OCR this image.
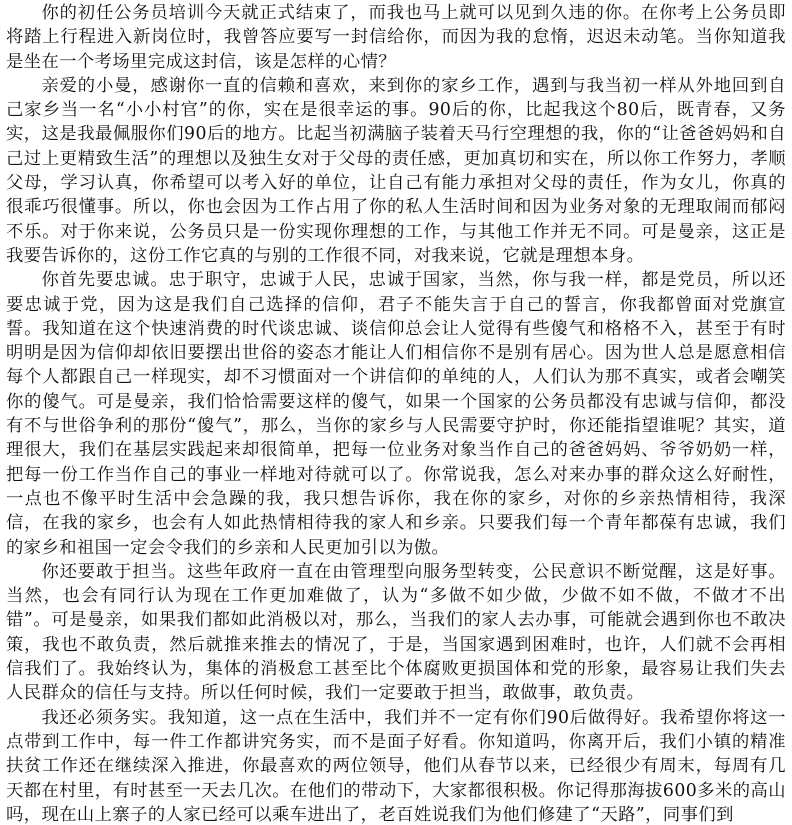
你的初任公务员培训今天就正式结束了，而我也马上就可以见到久违的你。在你考上公务员即将踏上行程进入新岗位时，我曾答应要写一封信给你，而因为我的怠惰，迟迟未动笔。当你知道我是坐在一个考场里完成这封信，该是怎样的心情？

亲爱的小曼，感谢你一直的信赖和喜欢，来到你的家乡工作，遇到与我当初一样从外地回到自己家乡当一名“小小村官”的你，实在是很幸运的事。90后的你，比起我这个80后，既青春，又务实，这是我最佩服你们90后的地方。比起当初满脑子装着天马行空理想的我，你的“让爸爸妈妈和自己过上更精致生活”的理想以及独生女对于父母的责任感，更加真切和实在，所以你工作努力，孝顺父母，学习认真，你希望可以考入好的单位，让自己有能力承担对父母的责任，作为女儿，你真的很乖巧很懂事。所以，你也会因为工作占用了你的私人生活时间和因为业务对象的无理取闹而郁闷不乐。对于你来说，公务员只是一份实现你理想的工作，与其他工作并无不同。可是曼亲，这正是我要告诉你的，这份工作它真的与别的工作很不同，对我来说，它就是理想本身。

你首先要忠诚。忠于职守，忠诚于人民，忠诚于国家，当然，你与我一样，都是党员，所以还要忠诚于党，因为这是我们自己选择的信仰，君子不能失言于自己的誓言，你我都曾面对党旗宣誓。我知道在这个快速消费的时代谈忠诚、谈信仰总会让人觉得有些傻气和格格不入，甚至于有时明明是因为信仰却依旧要摆出世俗的姿态才能让人们相信你不是别有居心。因为世人总是愿意相信每个人都跟自己一样现实，却不习惯面对一个讲信仰的单纯的人，人们认为那不真实，或者会嘲笑你的傻气。可是曼亲，我们恰恰需要这样的傻气，如果一个国家的公务员都没有忠诚与信仰，都没有不与世俗争利的那份“傻气”，那么，当你的家乡与人民需要守护时，你还能指望谁呢？其实，道理很大，我们在基层实践起来却很简单，把每一位业务对象当作自己的爸爸妈妈、爷爷奶奶一样，把每一份工作当作自己的事业一样地对待就可以了。你常说我，怎么对来办事的群众这么好耐性，一点也不像平时生活中会急躁的我，我只想告诉你，我在你的家乡，对你的乡亲热情相待，我深信，在我的家乡，也会有人如此热情相待我的家人和乡亲。只要我们每一个青年都葆有忠诚，我们的家乡和祖国一定会令我们的乡亲和人民更加引以为傲。

你还要敢于担当。这些年政府一直在由管理型向服务型转变，公民意识不断觉醒，这是好事。当然，也会有同行认为现在工作更加难做了，认为“多做不如少做，少做不如不做，不做才不出错”。可是曼亲，如果我们都如此消极以对，那么，当我们的家人去办事，可能就会遇到你也不敢决策，我也不敢负责，然后就推来推去的情况了，于是，当国家遇到困难时，也许，人们就不会再相信我们了。我始终认为，集体的消极怠工甚至比个体腐败更损国体和党的形象，最容易让我们失去人民群众的信任与支持。所以任何时候，我们一定要敢于担当，敢做事，敢负责。

我还必须务实。我知道，这一点在生活中，我们并不一定有你们90后做得好。我希望你将这一点带到工作中，每一件工作都讲究务实，而不是面子好看。你知道吗，你离开后，我们小镇的精准扶贫工作还在继续深入推进，你最喜欢的两位领导，他们从春节以来，已经很少有周末，每周有几天都在村里，有时甚至一天去几次。在他们的带动下，大家都很积极。你记得那海拔600多米的高山吗，现在山上寨子的人家已经可以乘车进出了，老百姓说我们为他们修建了“天路”，同事们到
